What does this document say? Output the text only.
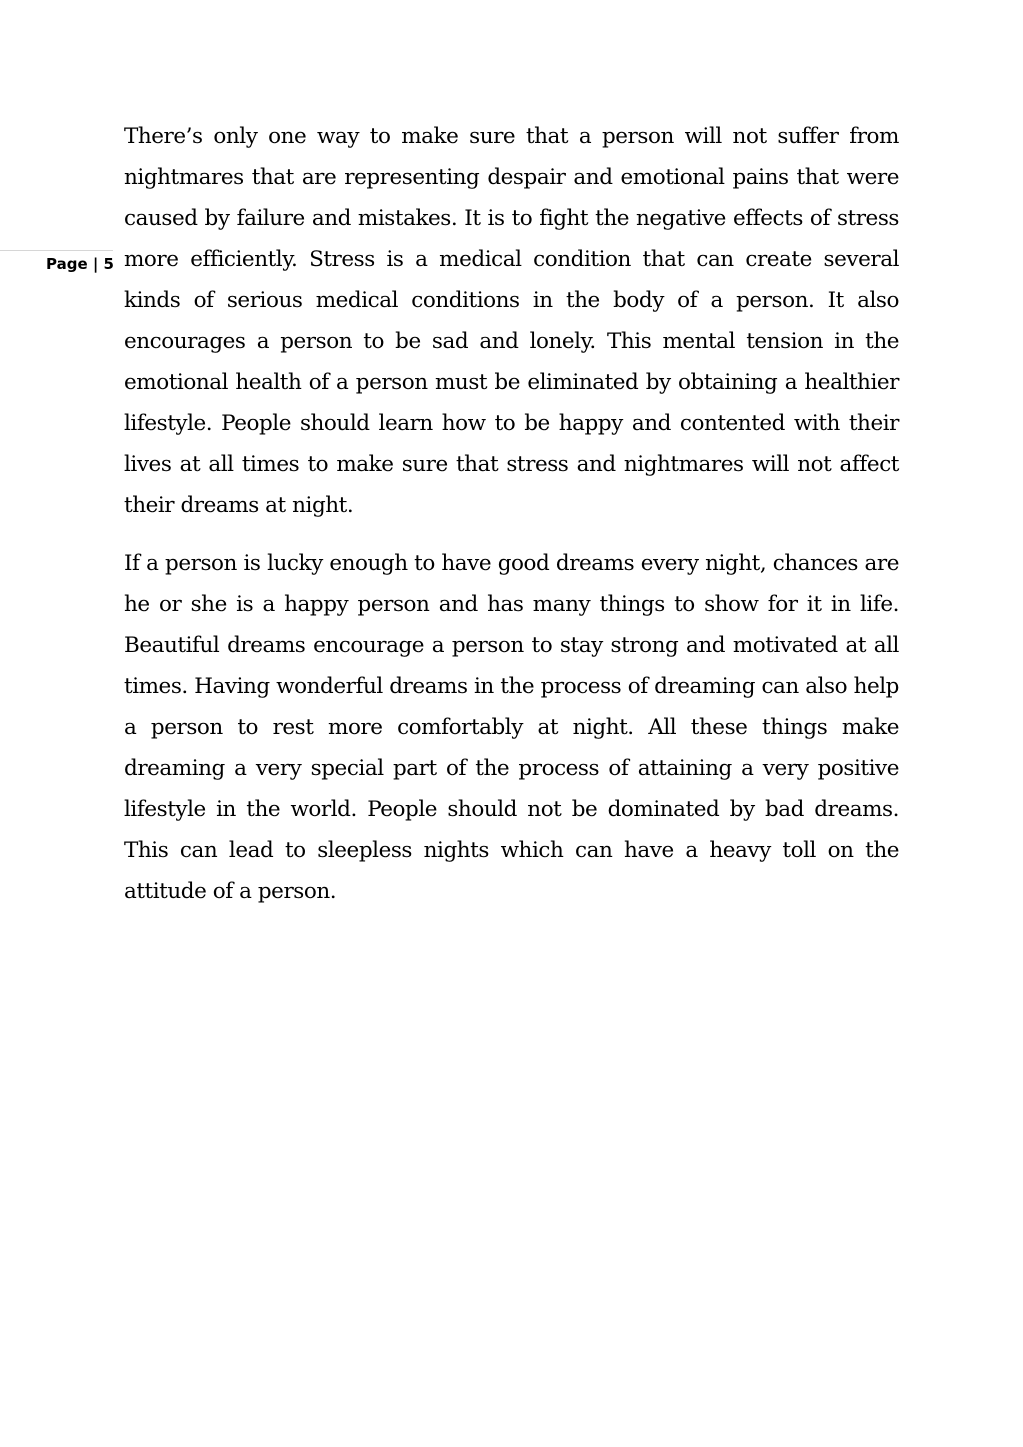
Page | 5

There’s only one way to make sure that a person will not suffer from nightmares that are representing despair and emotional pains that were caused by failure and mistakes. It is to fight the negative effects of stress more efficiently. Stress is a medical condition that can create several kinds of serious medical conditions in the body of a person. It also encourages a person to be sad and lonely. This mental tension in the emotional health of a person must be eliminated by obtaining a healthier lifestyle. People should learn how to be happy and contented with their lives at all times to make sure that stress and nightmares will not affect their dreams at night.

If a person is lucky enough to have good dreams every night, chances are he or she is a happy person and has many things to show for it in life. Beautiful dreams encourage a person to stay strong and motivated at all times. Having wonderful dreams in the process of dreaming can also help a person to rest more comfortably at night. All these things make dreaming a very special part of the process of attaining a very positive lifestyle in the world. People should not be dominated by bad dreams. This can lead to sleepless nights which can have a heavy toll on the attitude of a person.
